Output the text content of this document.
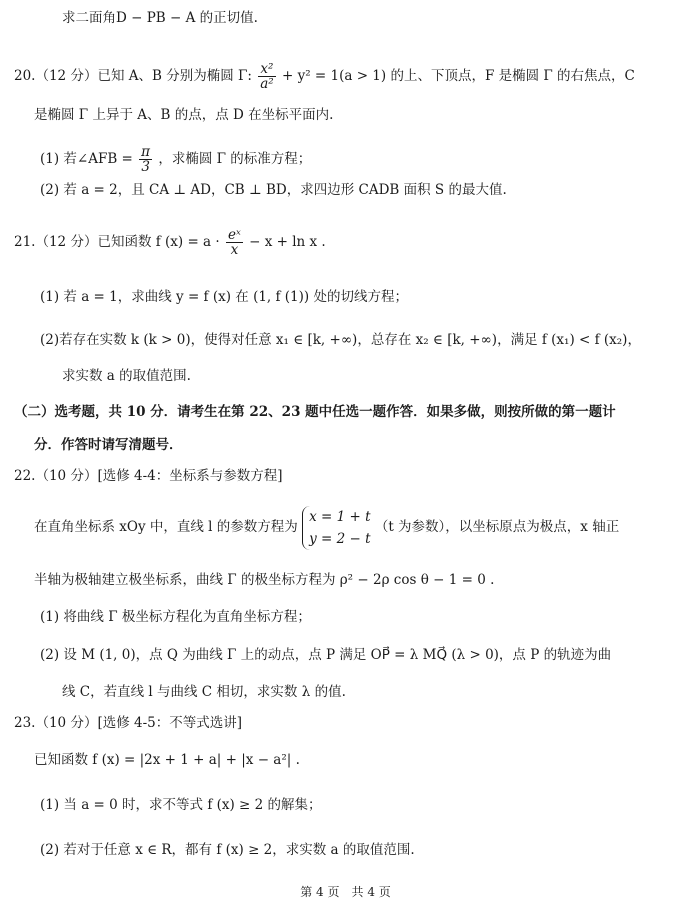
求二面角D − PB − A 的正切值.
20.（12 分）已知 A、B 分别为椭圆 Γ: $\frac{\text{x²}}{\text{a²}} + y^2 = 1(a > 1)$ 的上、下顶点，F 是椭圆 Γ 的右焦点，C
是椭圆 Γ 上异于 A、B 的点，点 D 在坐标平面内.
(1) 若∠AFB = $\frac{\pi}{3}$ ，求椭圆 Γ 的标准方程；
(2) 若 a = 2，且 CA ⊥ AD，CB ⊥ BD，求四边形 CADB 面积 S 的最大值.
21.（12 分）已知函数 f $(x) = a \cdot \frac{\text{eˣ}}{x} - x + \ln x$ .
(1) 若 a = 1，求曲线 y = f (x) 在 (1, f (1)) 处的切线方程；
(2)若存在实数 k (k > 0)，使得对任意 x₁ ∈ [k, +∞)，总存在 x₂ ∈ [k, +∞)，满足 f (x₁) < f (x₂)，
求实数 a 的取值范围.
（二）选考题，共 10 分．请考生在第 22、23 题中任选一题作答．如果多做，则按所做的第一题计
分．作答时请写清题号．
22.（10 分）[选修 4-4：坐标系与参数方程]
在直角坐标系 xOy 中，直线 l 的参数方程为
x = 1 + t
y = 2 − t
（t 为参数），以坐标原点为极点，x 轴正
半轴为极轴建立极坐标系，曲线 Γ 的极坐标方程为 ρ² − 2ρ cos θ − 1 = 0 .
(1) 将曲线 Γ 极坐标方程化为直角坐标方程；
(2) 设 M (1, 0)，点 Q 为曲线 Γ 上的动点，点 P 满足 OP⃗ = λ MQ⃗ (λ > 0)，点 P 的轨迹为曲
线 C，若直线 l 与曲线 C 相切，求实数 λ 的值.
23.（10 分）[选修 4-5：不等式选讲]
已知函数 f (x) = |2x + 1 + a| + |x − a²| .
(1) 当 a = 0 时，求不等式 f (x) ≥ 2 的解集；
(2) 若对于任意 x ∈ R，都有 f (x) ≥ 2，求实数 a 的取值范围.
第 4 页　共 4 页
